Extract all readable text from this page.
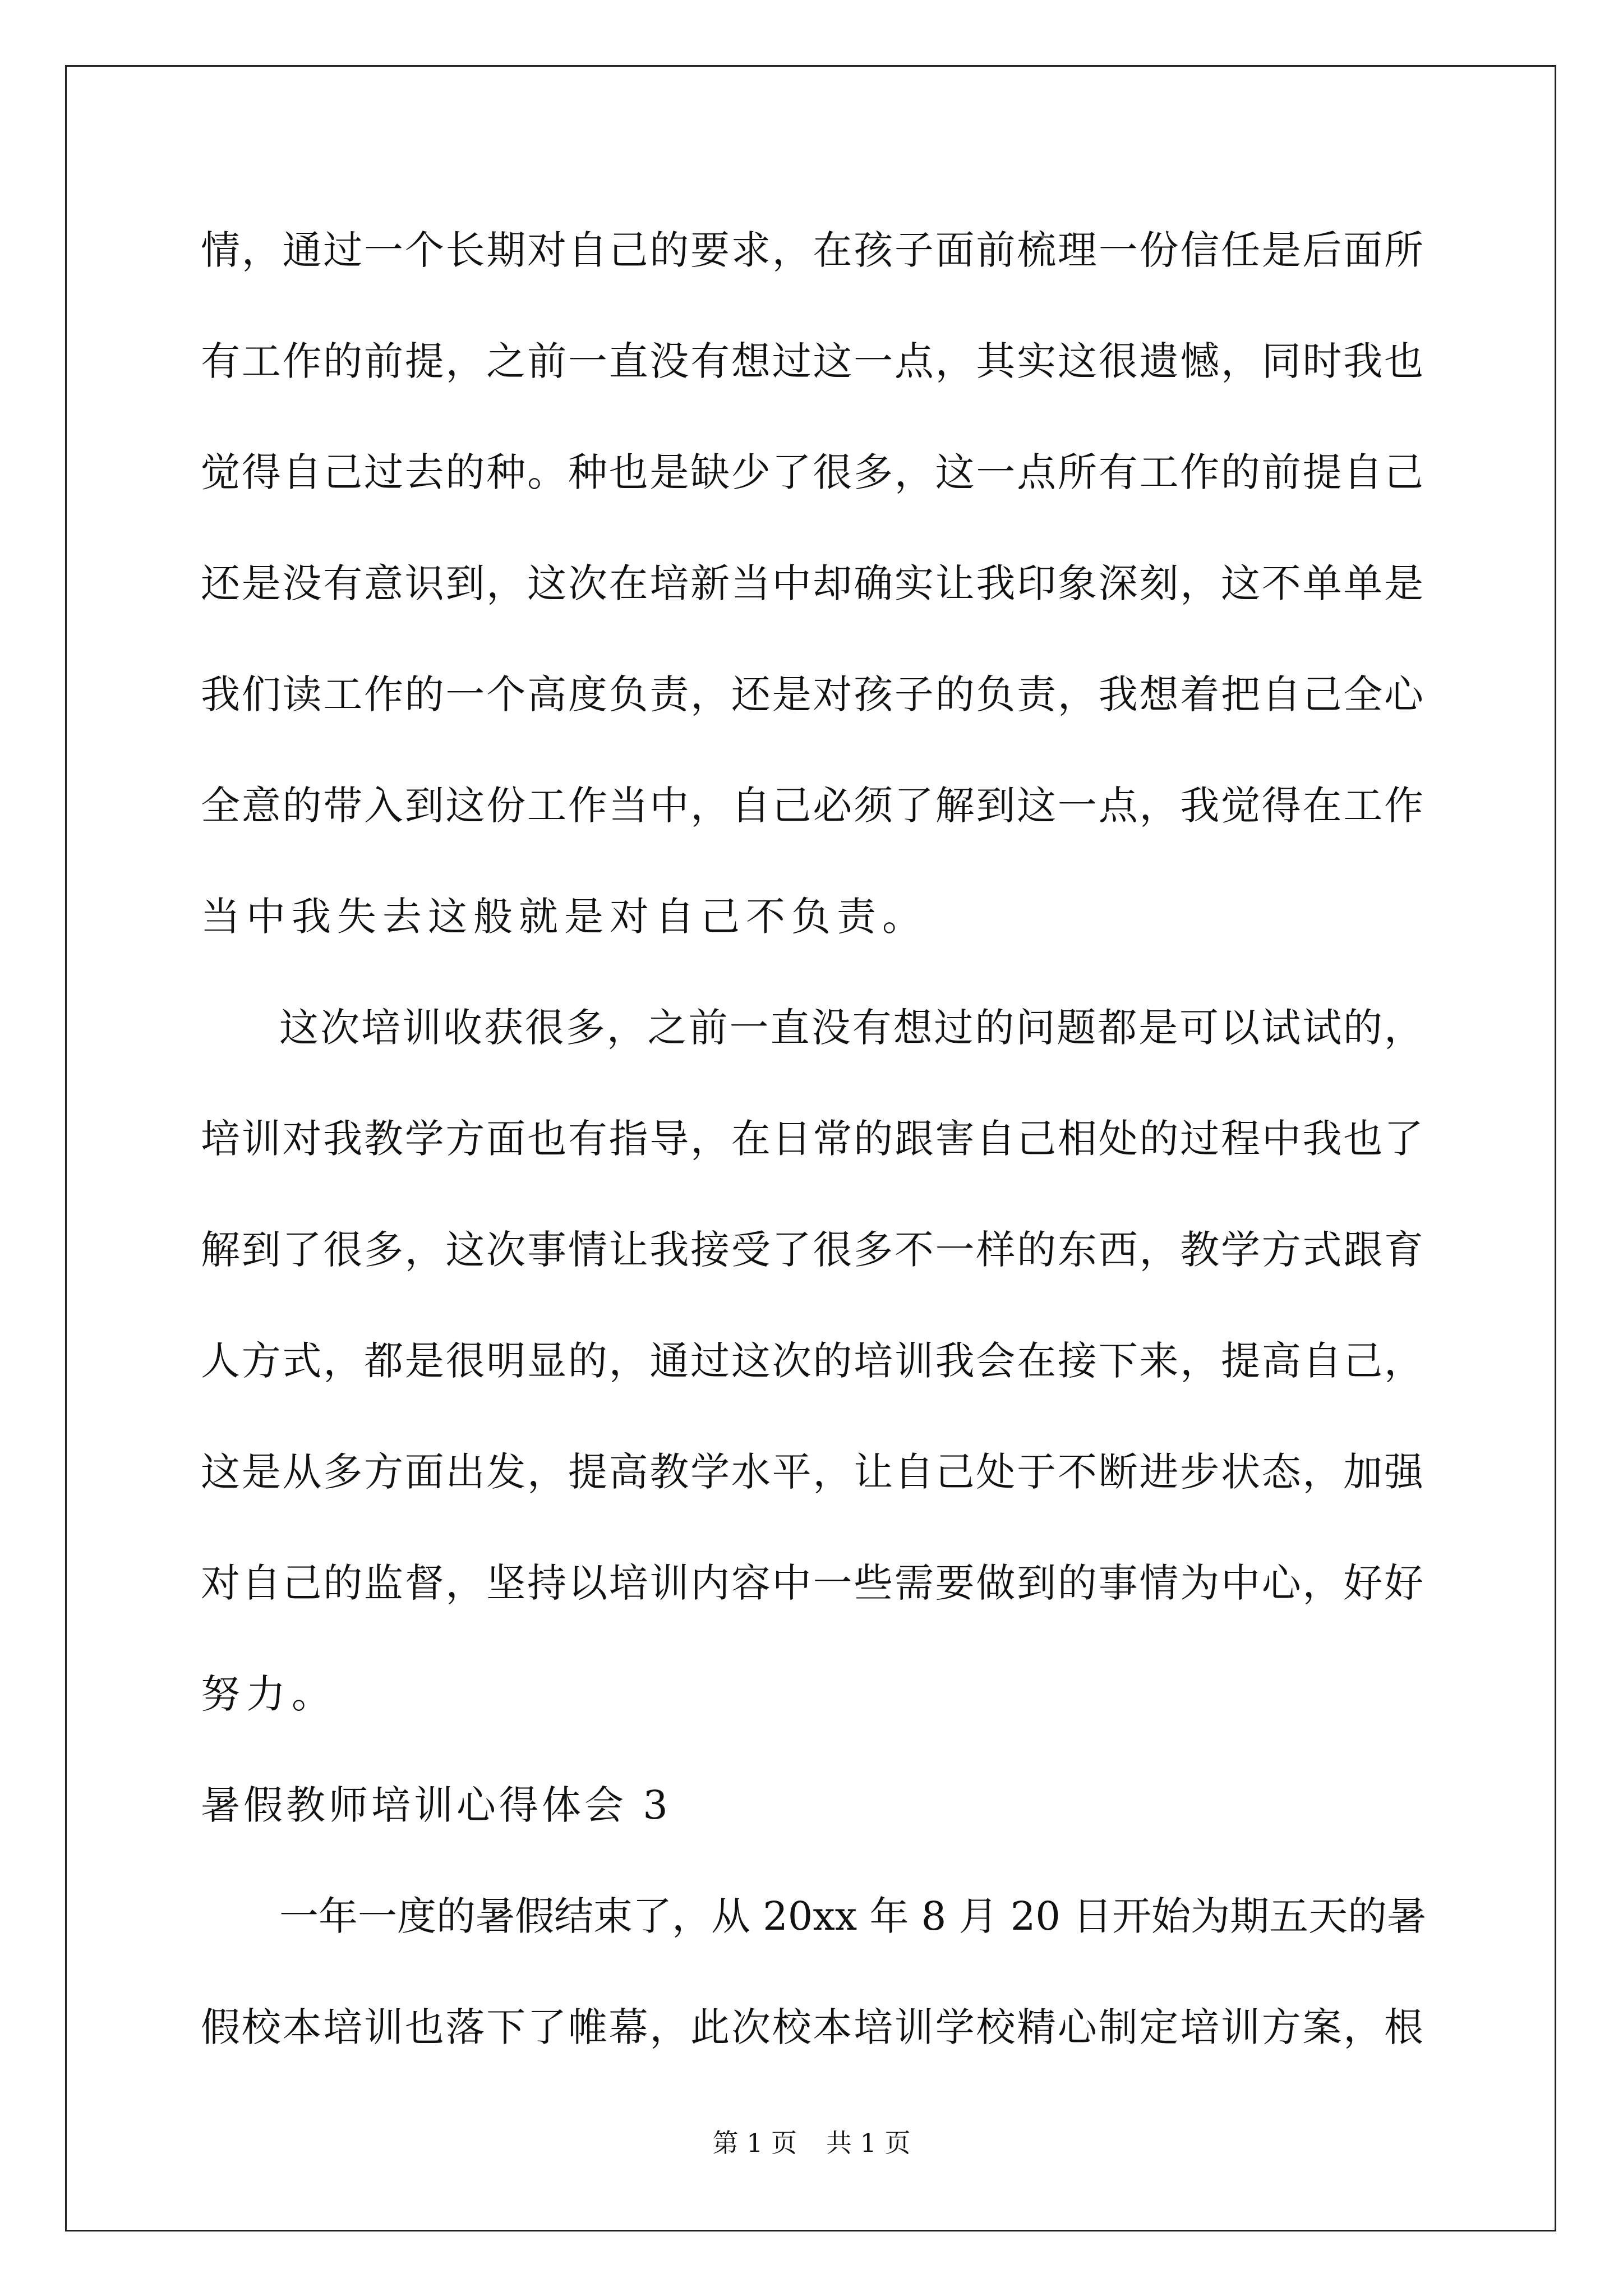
情，通过一个长期对自己的要求，在孩子面前梳理一份信任是后面所
有工作的前提，之前一直没有想过这一点，其实这很遗憾，同时我也
觉得自己过去的种。种也是缺少了很多，这一点所有工作的前提自己
还是没有意识到，这次在培新当中却确实让我印象深刻，这不单单是
我们读工作的一个高度负责，还是对孩子的负责，我想着把自己全心
全意的带入到这份工作当中，自己必须了解到这一点，我觉得在工作
当中我失去这般就是对自己不负责。
这次培训收获很多，之前一直没有想过的问题都是可以试试的，
培训对我教学方面也有指导，在日常的跟害自己相处的过程中我也了
解到了很多，这次事情让我接受了很多不一样的东西，教学方式跟育
人方式，都是很明显的，通过这次的培训我会在接下来，提高自己，
这是从多方面出发，提高教学水平，让自己处于不断进步状态，加强
对自己的监督，坚持以培训内容中一些需要做到的事情为中心，好好
努力。
暑假教师培训心得体会 3
一年一度的暑假结束了，从 20xx 年 8 月 20 日开始为期五天的暑
假校本培训也落下了帷幕，此次校本培训学校精心制定培训方案，根
第 1 页 共 1 页
